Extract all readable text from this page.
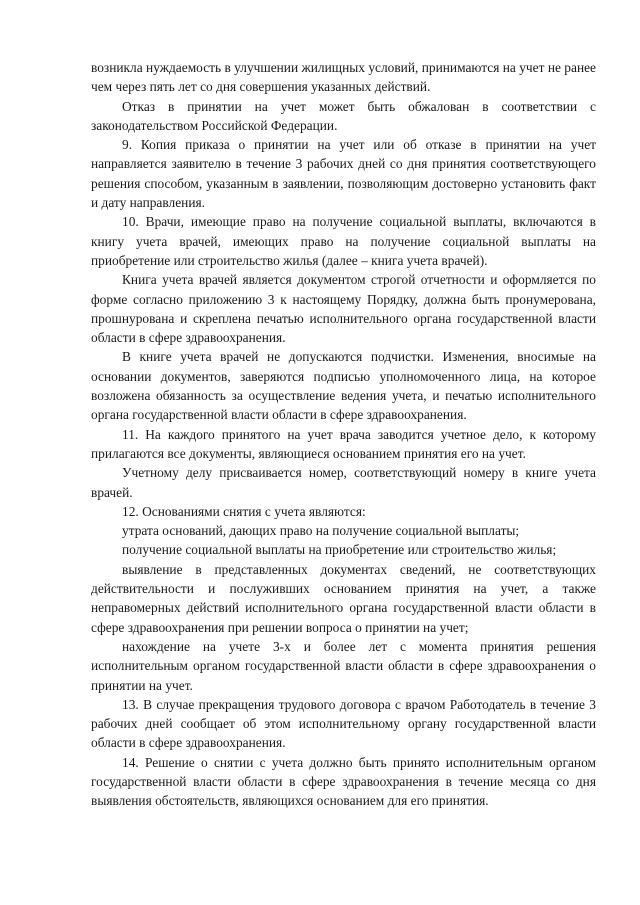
возникла нуждаемость в улучшении жилищных условий, принимаются на учет не ранее чем через пять лет со дня совершения указанных действий.

Отказ в принятии на учет может быть обжалован в соответствии с законодательством Российской Федерации.

9. Копия приказа о принятии на учет или об отказе в принятии на учет направляется заявителю в течение 3 рабочих дней со дня принятия соответствующего решения способом, указанным в заявлении, позволяющим достоверно установить факт и дату направления.

10. Врачи, имеющие право на получение социальной выплаты, включаются в книгу учета врачей, имеющих право на получение социальной выплаты на приобретение или строительство жилья (далее – книга учета врачей).

Книга учета врачей является документом строгой отчетности и оформляется по форме согласно приложению 3 к настоящему Порядку, должна быть пронумерована, прошнурована и скреплена печатью исполнительного органа государственной власти области в сфере здравоохранения.

В книге учета врачей не допускаются подчистки. Изменения, вносимые на основании документов, заверяются подписью уполномоченного лица, на которое возложена обязанность за осуществление ведения учета, и печатью исполнительного органа государственной власти области в сфере здравоохранения.

11. На каждого принятого на учет врача заводится учетное дело, к которому прилагаются все документы, являющиеся основанием принятия его на учет.

Учетному делу присваивается номер, соответствующий номеру в книге учета врачей.

12. Основаниями снятия с учета являются:

утрата оснований, дающих право на получение социальной выплаты;

получение социальной выплаты на приобретение или строительство жилья;

выявление в представленных документах сведений, не соответствующих действительности и послуживших основанием принятия на учет, а также неправомерных действий исполнительного органа государственной власти области в сфере здравоохранения при решении вопроса о принятии на учет;

нахождение на учете 3-х и более лет с момента принятия решения исполнительным органом государственной власти области в сфере здравоохранения о принятии на учет.

13. В случае прекращения трудового договора с врачом Работодатель в течение 3 рабочих дней сообщает об этом исполнительному органу государственной власти области в сфере здравоохранения.

14. Решение о снятии с учета должно быть принято исполнительным органом государственной власти области в сфере здравоохранения в течение месяца со дня выявления обстоятельств, являющихся основанием для его принятия.
